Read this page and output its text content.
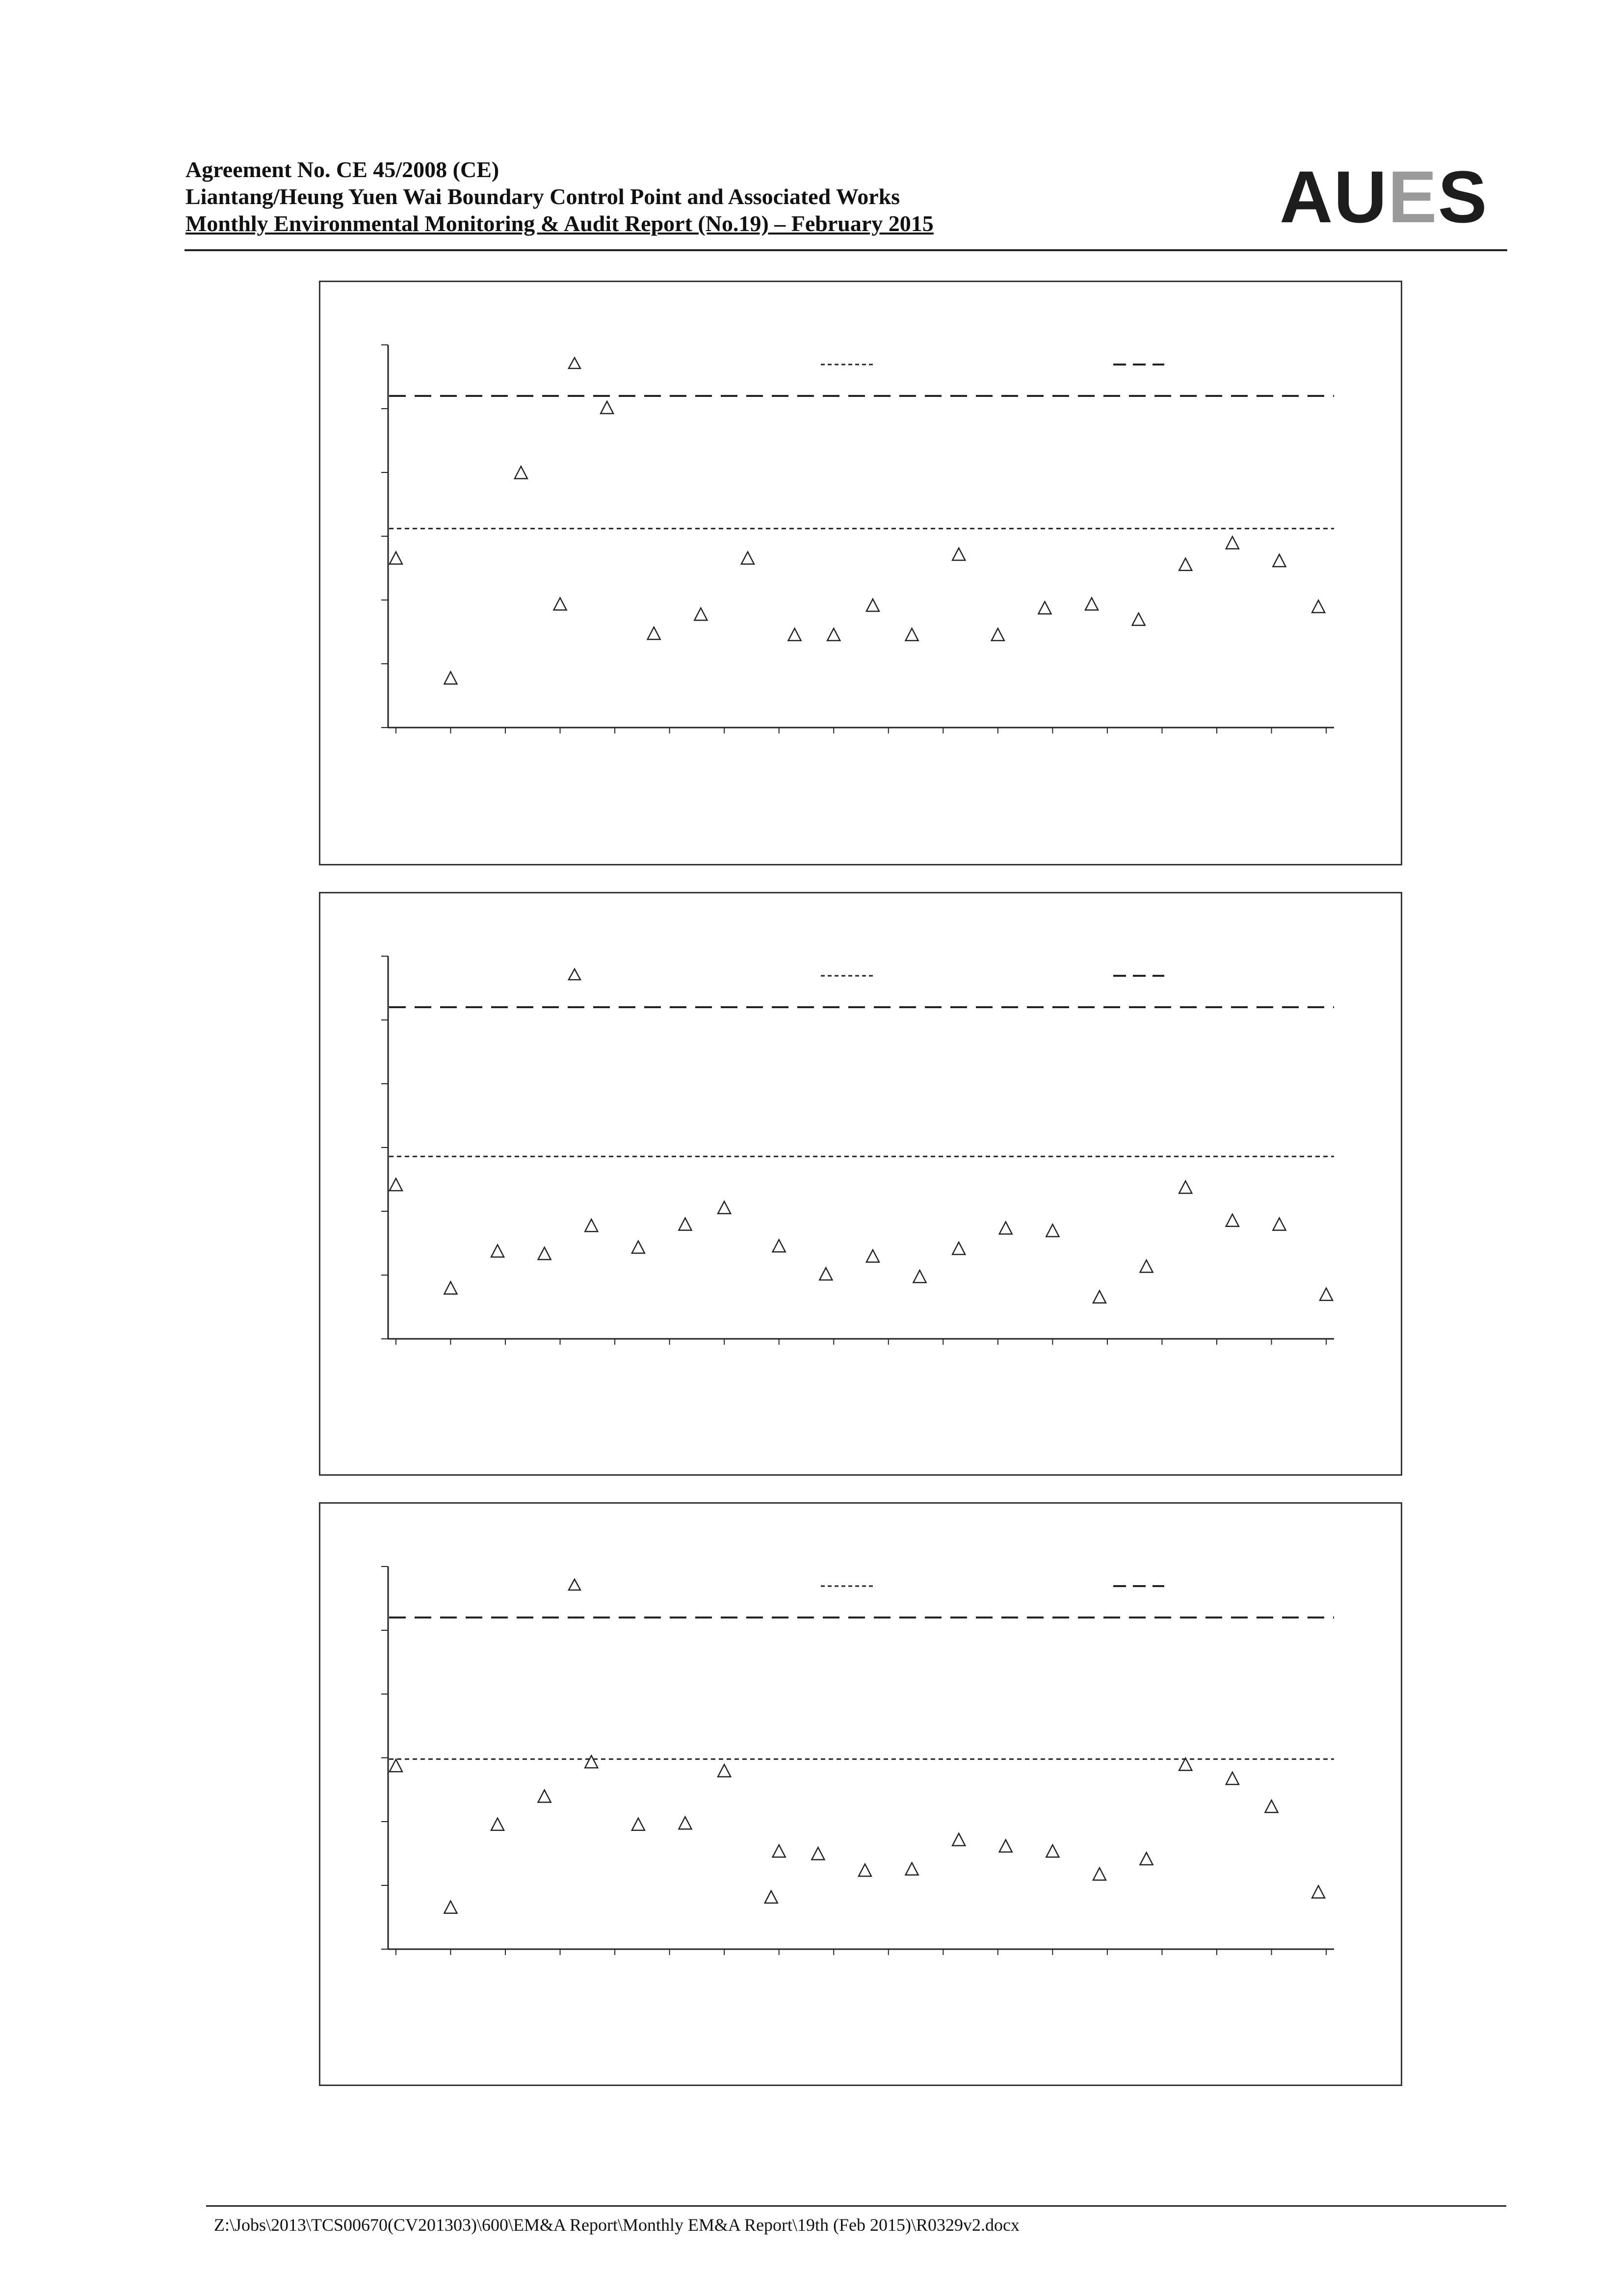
Agreement No. CE 45/2008 (CE)
Liantang/Heung Yuen Wai Boundary Control Point and Associated Works
Monthly Environmental Monitoring & Audit Report (No.19) – February 2015	AUES
Z:\Jobs\2013\TCS00670(CV201303)\600\EM&A Report\Monthly EM&A Report\19th (Feb 2015)\R0329v2.docx
